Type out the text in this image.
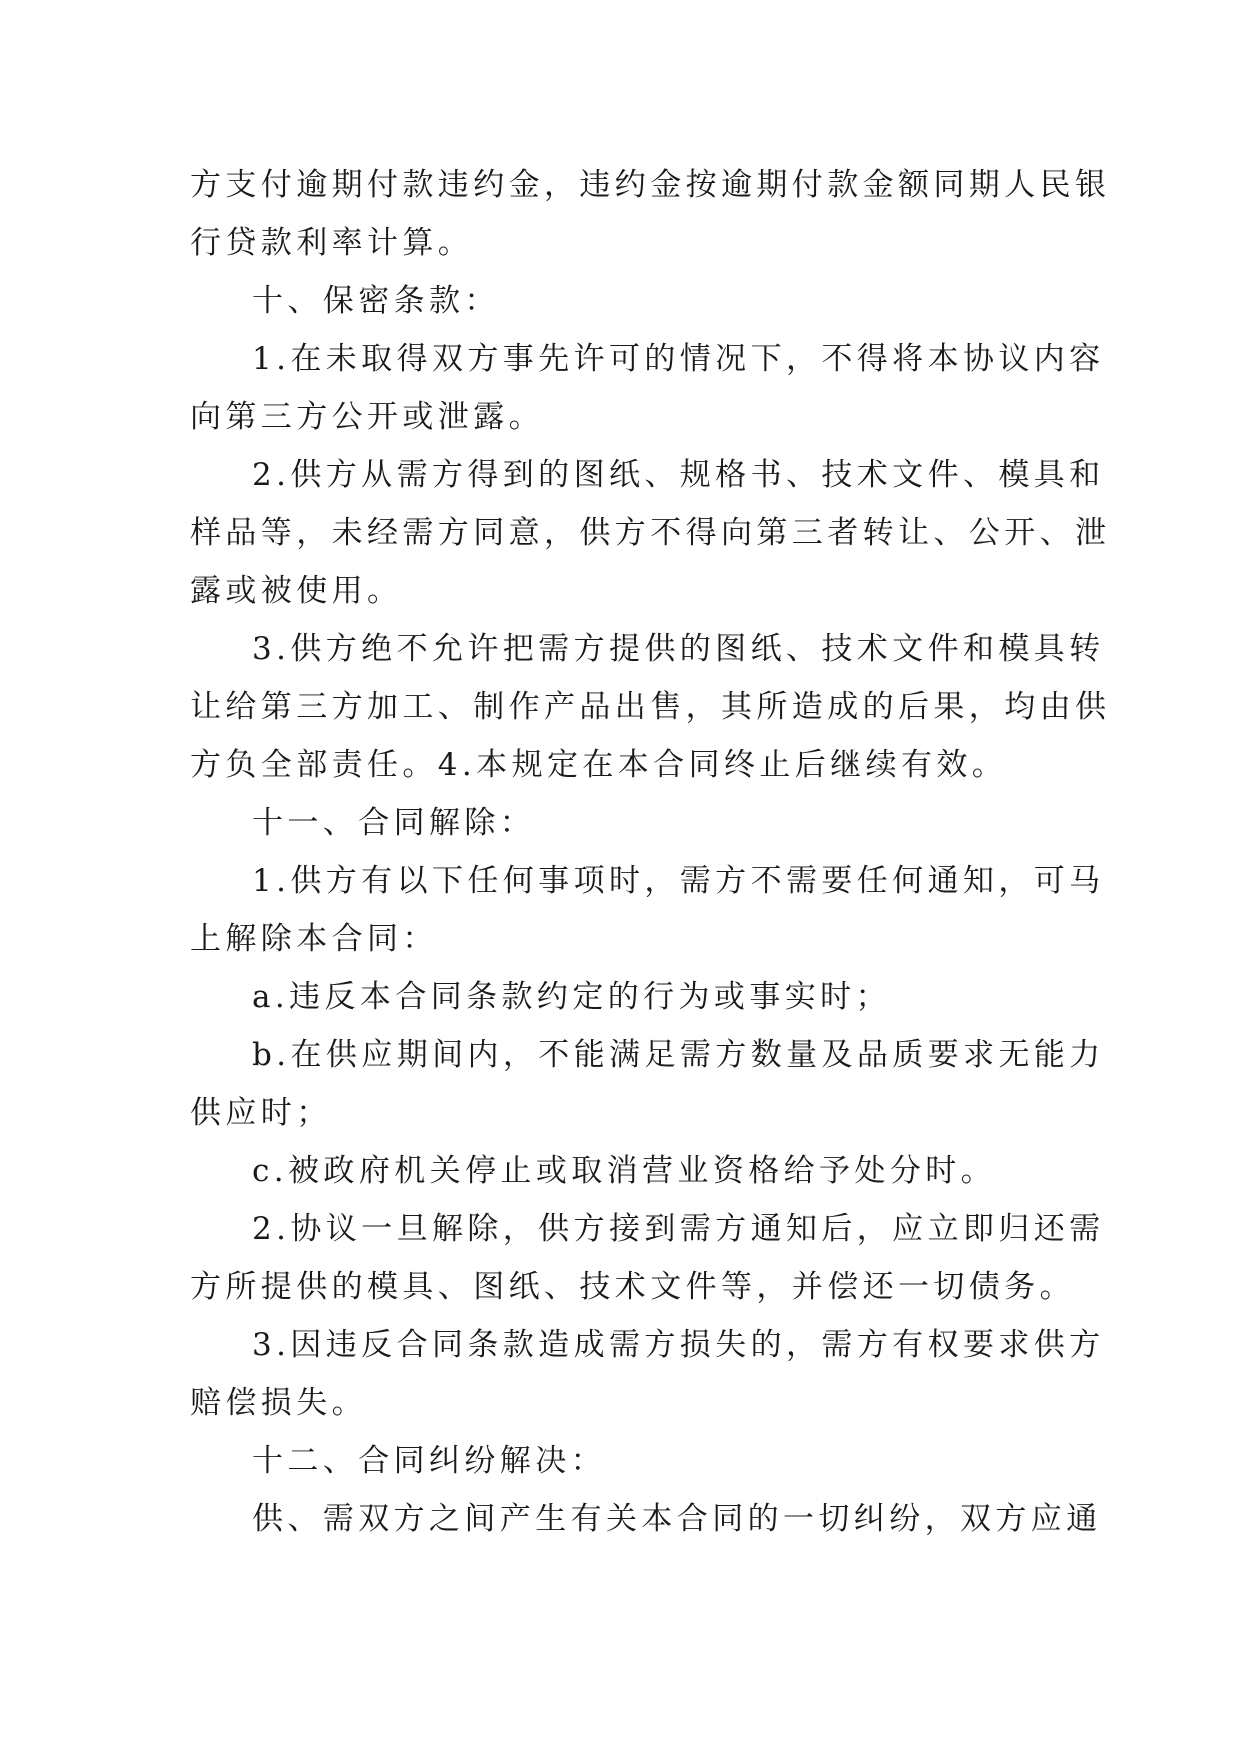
方支付逾期付款违约金，违约金按逾期付款金额同期人民银
行贷款利率计算。
十、保密条款：
1.在未取得双方事先许可的情况下，不得将本协议内容
向第三方公开或泄露。
2.供方从需方得到的图纸、规格书、技术文件、模具和
样品等，未经需方同意，供方不得向第三者转让、公开、泄
露或被使用。
3.供方绝不允许把需方提供的图纸、技术文件和模具转
让给第三方加工、制作产品出售，其所造成的后果，均由供
方负全部责任。4.本规定在本合同终止后继续有效。
十一、合同解除：
1.供方有以下任何事项时，需方不需要任何通知，可马
上解除本合同：
a.违反本合同条款约定的行为或事实时；
b.在供应期间内，不能满足需方数量及品质要求无能力
供应时；
c.被政府机关停止或取消营业资格给予处分时。
2.协议一旦解除，供方接到需方通知后，应立即归还需
方所提供的模具、图纸、技术文件等，并偿还一切债务。
3.因违反合同条款造成需方损失的，需方有权要求供方
赔偿损失。
十二、合同纠纷解决：
供、需双方之间产生有关本合同的一切纠纷，双方应通
